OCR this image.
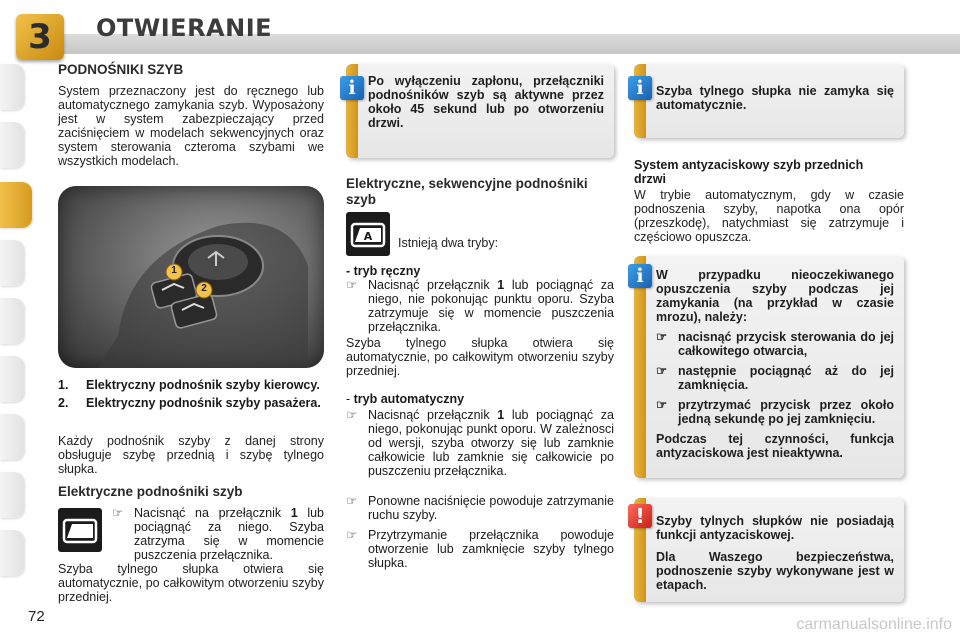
3	OTWIERANIE
PODNOŚNIKI SZYB
System przeznaczony jest do ręcznego lub automatycznego zamykania szyb. Wyposażony jest w system zabezpieczający przed zaciśnięciem w modelach sekwencyjnych oraz system sterowania czteroma szybami we wszystkich modelach.
1
2
1.	Elektryczny podnośnik szyby kierowcy.
2.	Elektryczny podnośnik szyby pasażera.
Każdy podnośnik szyby z danej strony obsługuje szybę przednią i szybę tylnego słupka.
Elektryczne podnośniki szyb
☞ Nacisnąć na przełącznik 1 lub pociągnąć za niego. Szyba zatrzyma się w momencie puszczenia przełącznika.
Szyba tylnego słupka otwiera się automatycznie, po całkowitym otworzeniu szyby przedniej.
72
Po wyłączeniu zapłonu, przełączniki podnośników szyb są aktywne przez około 45 sekund lub po otworzeniu drzwi.
i
Elektryczne, sekwencyjne podnośniki szyb
A Istnieją dwa tryby:
- tryb ręczny
☞ Nacisnąć przełącznik 1 lub pociągnąć za niego, nie pokonując punktu oporu. Szyba zatrzymuje się w momencie puszczenia przełącznika.
Szyba tylnego słupka otwiera się automatycznie, po całkowitym otworzeniu szyby przedniej.
- tryb automatyczny
☞ Nacisnąć przełącznik 1 lub pociągnąć za niego, pokonując punkt oporu. W zależnosci od wersji, szyba otworzy się lub zamknie całkowicie lub zamknie się całkowicie po puszczeniu przełącznika.
☞ Ponowne naciśnięcie powoduje zatrzymanie ruchu szyby.
☞ Przytrzymanie przełącznika powoduje otworzenie lub zamknięcie szyby tylnego słupka.
Szyba tylnego słupka nie zamyka się automatycznie.
i
System antyzaciskowy szyb przednich drzwi
W trybie automatycznym, gdy w czasie podnoszenia szyby, napotka ona opór (przeszkodę), natychmiast się zatrzymuje i częściowo opuszcza.
W przypadku nieoczekiwanego opuszczenia szyby podczas jej zamykania (na przykład w czasie mrozu), należy:
☞ nacisnąć przycisk sterowania do jej całkowitego otwarcia,
☞ następnie pociągnąć aż do jej zamknięcia.
☞ przytrzymać przycisk przez około jedną sekundę po jej zamknięciu.
Podczas tej czynności, funkcja antyzaciskowa jest nieaktywna.
i
Szyby tylnych słupków nie posiadają funkcji antyzaciskowej.
Dla Waszego bezpieczeństwa, podnoszenie szyby wykonywane jest w etapach.
!
carmanualsonline.info
